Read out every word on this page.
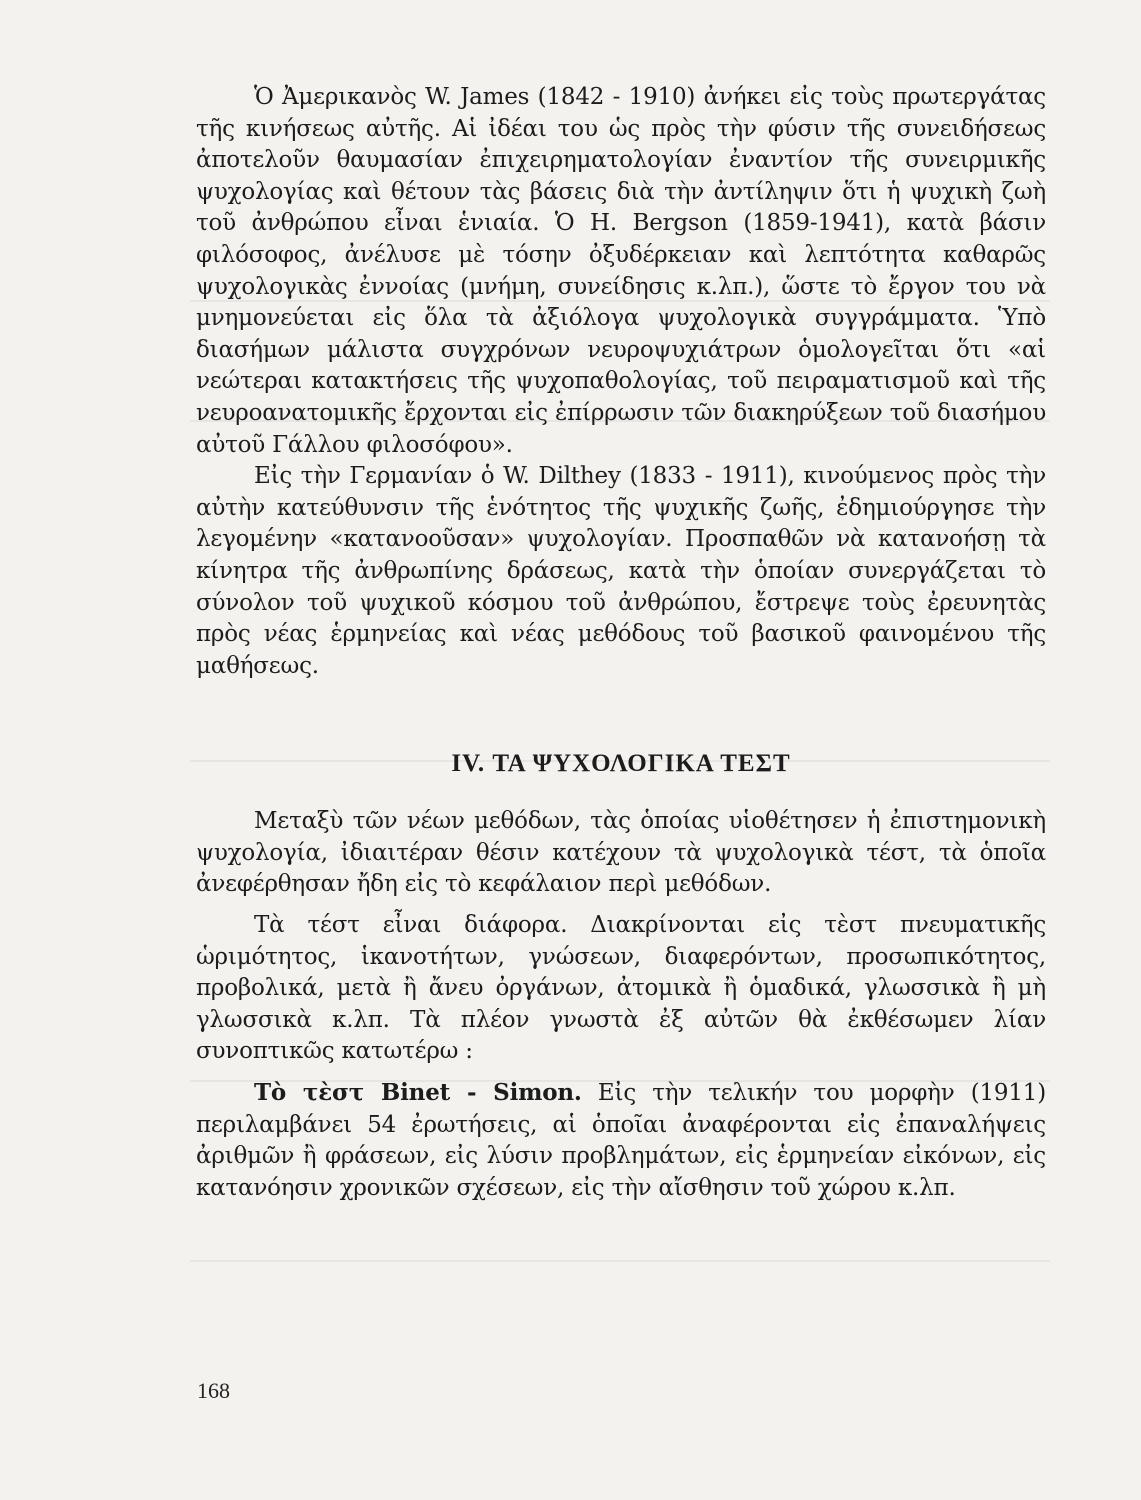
Ὁ Ἀμερικανὸς W. James (1842 - 1910) ἀνήκει εἰς τοὺς πρωτεργάτας τῆς κινήσεως αὐτῆς. Αἱ ἰδέαι του ὡς πρὸς τὴν φύσιν τῆς συνειδήσεως ἀποτελοῦν θαυμασίαν ἐπιχειρηματολογίαν ἐναντίον τῆς συνειρμικῆς ψυχολογίας καὶ θέτουν τὰς βάσεις διὰ τὴν ἀντίληψιν ὅτι ἡ ψυχικὴ ζωὴ τοῦ ἀνθρώπου εἶναι ἑνιαία. Ὁ H. Bergson (1859-1941), κατὰ βάσιν φιλόσοφος, ἀνέλυσε μὲ τόσην ὀξυδέρκειαν καὶ λεπτότητα καθαρῶς ψυχολογικὰς ἐννοίας (μνήμη, συνείδησις κ.λπ.), ὥστε τὸ ἔργον του νὰ μνημονεύεται εἰς ὅλα τὰ ἀξιόλογα ψυχολογικὰ συγγράμματα. Ὑπὸ διασήμων μάλιστα συγχρόνων νευροψυχιάτρων ὁμολογεῖται ὅτι «αἱ νεώτεραι κατακτήσεις τῆς ψυχοπαθολογίας, τοῦ πειραματισμοῦ καὶ τῆς νευροανατομικῆς ἔρχονται εἰς ἐπίρρωσιν τῶν διακηρύξεων τοῦ διασήμου αὐτοῦ Γάλλου φιλοσόφου».

Εἰς τὴν Γερμανίαν ὁ W. Dilthey (1833 - 1911), κινούμενος πρὸς τὴν αὐτὴν κατεύθυνσιν τῆς ἑνότητος τῆς ψυχικῆς ζωῆς, ἐδημιούργησε τὴν λεγομένην «κατανοοῦσαν» ψυχολογίαν. Προσπαθῶν νὰ κατανοήσῃ τὰ κίνητρα τῆς ἀνθρωπίνης δράσεως, κατὰ τὴν ὁποίαν συνεργάζεται τὸ σύνολον τοῦ ψυχικοῦ κόσμου τοῦ ἀνθρώπου, ἔστρεψε τοὺς ἐρευνητὰς πρὸς νέας ἑρμηνείας καὶ νέας μεθόδους τοῦ βασικοῦ φαινομένου τῆς μαθήσεως.

IV. ΤΑ ΨΥΧΟΛΟΓΙΚΑ ΤΕΣΤ

Μεταξὺ τῶν νέων μεθόδων, τὰς ὁποίας υἱοθέτησεν ἡ ἐπιστημονικὴ ψυχολογία, ἰδιαιτέραν θέσιν κατέχουν τὰ ψυχολογικὰ τέστ, τὰ ὁποῖα ἀνεφέρθησαν ἤδη εἰς τὸ κεφάλαιον περὶ μεθόδων.

Τὰ τέστ εἶναι διάφορα. Διακρίνονται εἰς τὲστ πνευματικῆς ὡριμότητος, ἱκανοτήτων, γνώσεων, διαφερόντων, προσωπικότητος, προβολικά, μετὰ ἢ ἄνευ ὀργάνων, ἀτομικὰ ἢ ὁμαδικά, γλωσσικὰ ἢ μὴ γλωσσικὰ κ.λπ. Τὰ πλέον γνωστὰ ἐξ αὐτῶν θὰ ἐκθέσωμεν λίαν συνοπτικῶς κατωτέρω :

Τὸ τὲστ Binet - Simon. Εἰς τὴν τελικήν του μορφὴν (1911) περιλαμβάνει 54 ἐρωτήσεις, αἱ ὁποῖαι ἀναφέρονται εἰς ἐπαναλήψεις ἀριθμῶν ἢ φράσεων, εἰς λύσιν προβλημάτων, εἰς ἑρμηνείαν εἰκόνων, εἰς κατανόησιν χρονικῶν σχέσεων, εἰς τὴν αἴσθησιν τοῦ χώρου κ.λπ.

168
